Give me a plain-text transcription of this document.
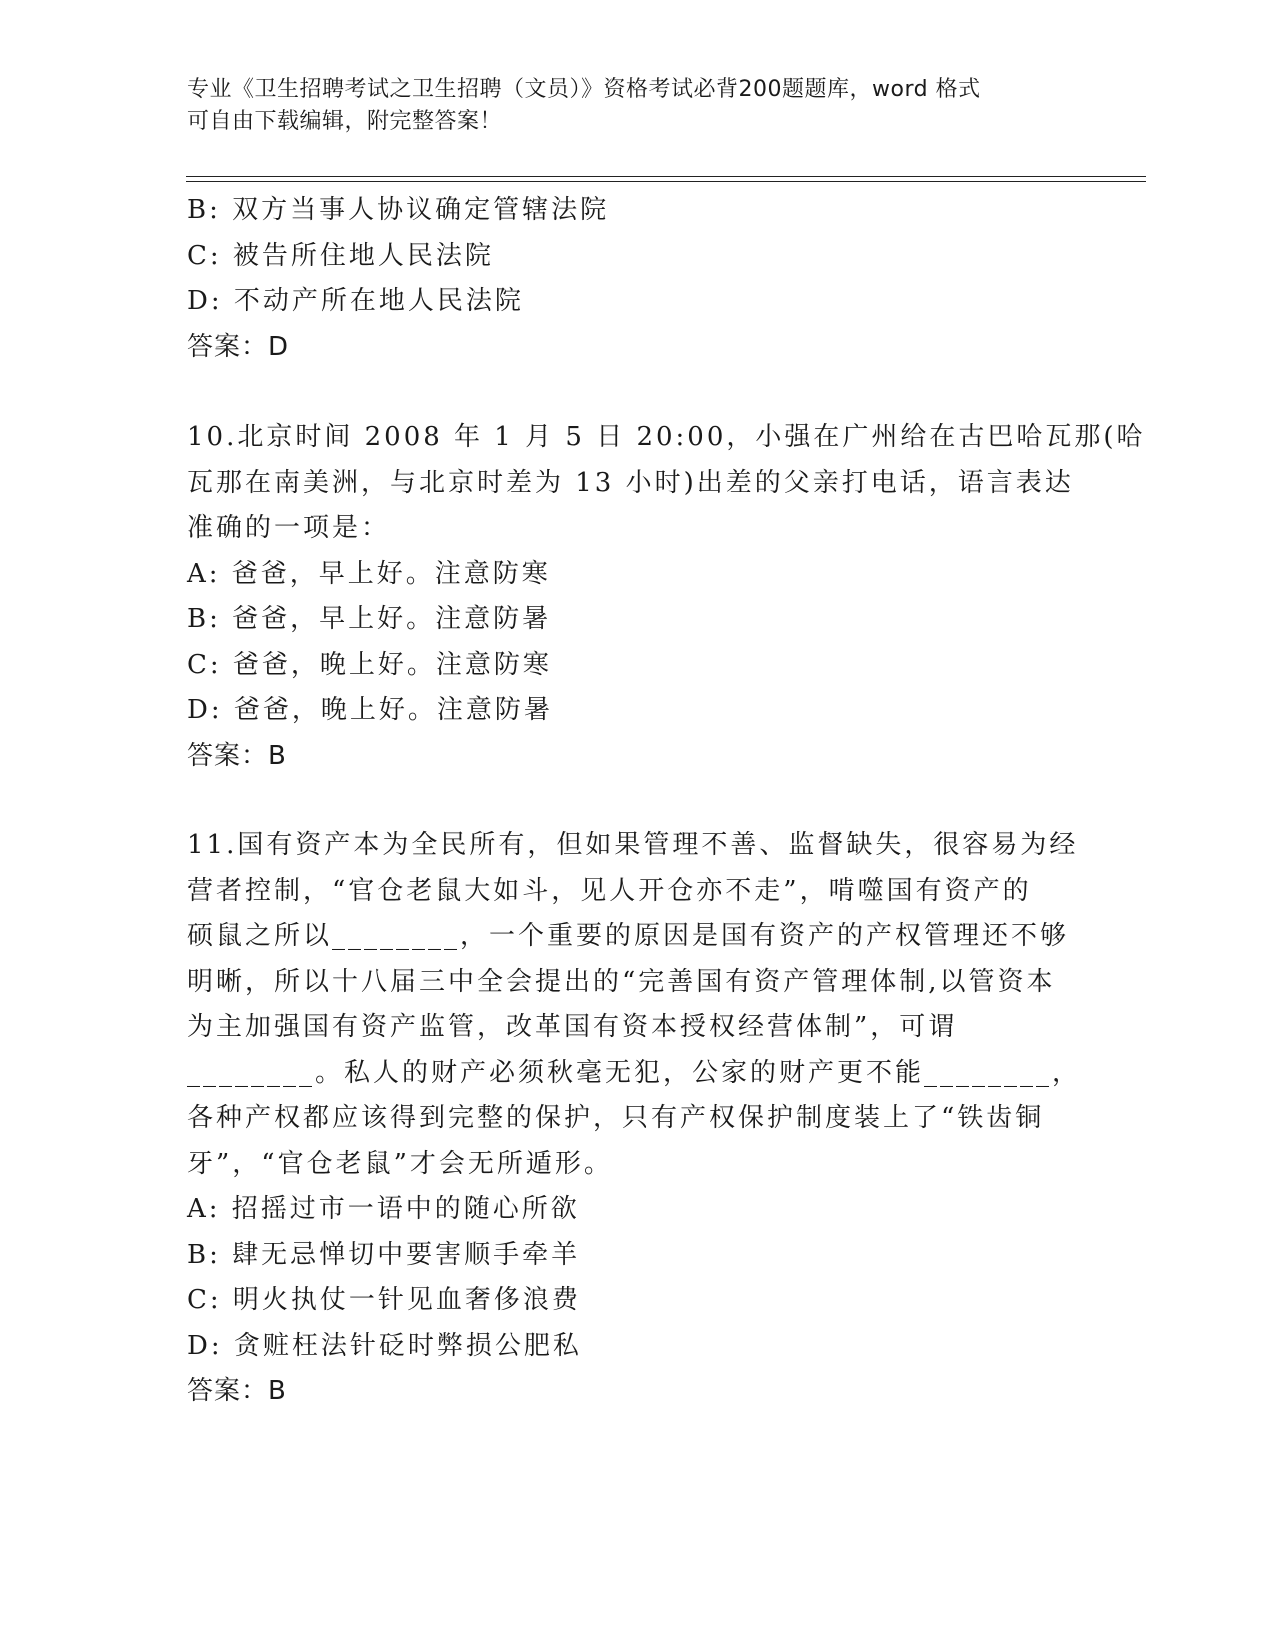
专业《卫生招聘考试之卫生招聘（文员）》资格考试必背200题题库，word 格式
可自由下载编辑，附完整答案！
B: 双方当事人协议确定管辖法院
C: 被告所住地人民法院
D: 不动产所在地人民法院
答案：D
10.北京时间 2008 年 1 月 5 日 20:00，小强在广州给在古巴哈瓦那(哈
瓦那在南美洲，与北京时差为 13 小时)出差的父亲打电话，语言表达
准确的一项是：
A: 爸爸，早上好。注意防寒
B: 爸爸，早上好。注意防暑
C: 爸爸，晚上好。注意防寒
D: 爸爸，晚上好。注意防暑
答案：B
11.国有资产本为全民所有，但如果管理不善、监督缺失，很容易为经
营者控制，“官仓老鼠大如斗，见人开仓亦不走”，啃噬国有资产的
硕鼠之所以________，一个重要的原因是国有资产的产权管理还不够
明晰，所以十八届三中全会提出的“完善国有资产管理体制,以管资本
为主加强国有资产监管，改革国有资本授权经营体制”，可谓
________。私人的财产必须秋毫无犯，公家的财产更不能________，
各种产权都应该得到完整的保护，只有产权保护制度装上了“铁齿铜
牙”，“官仓老鼠”才会无所遁形。
A: 招摇过市一语中的随心所欲
B: 肆无忌惮切中要害顺手牵羊
C: 明火执仗一针见血奢侈浪费
D: 贪赃枉法针砭时弊损公肥私
答案：B
